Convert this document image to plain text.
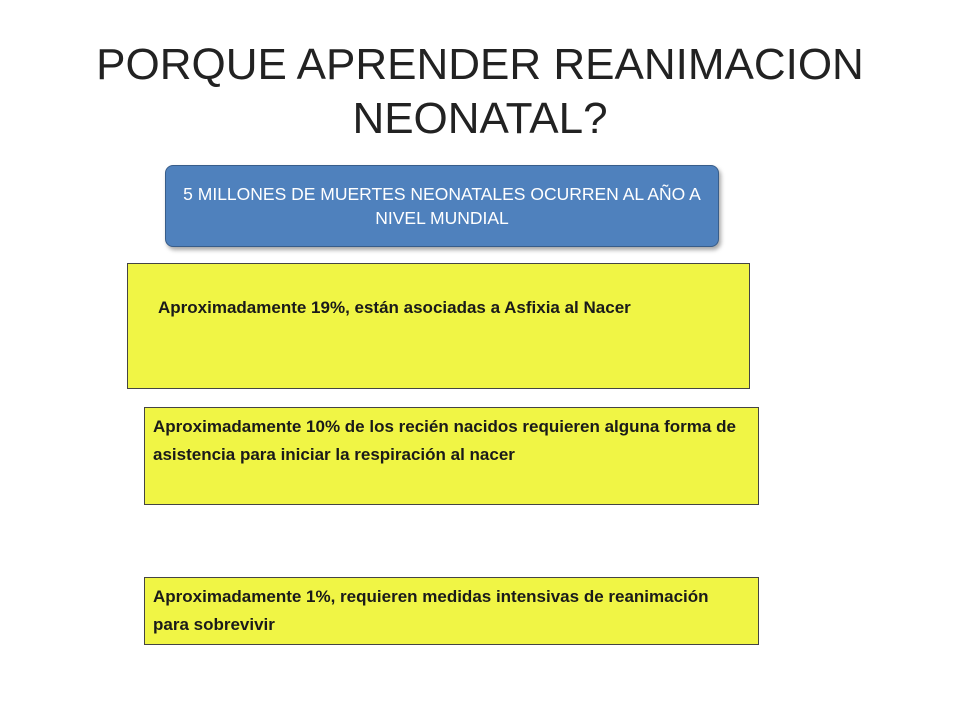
PORQUE APRENDER REANIMACION NEONATAL?
5 MILLONES DE MUERTES NEONATALES OCURREN AL AÑO A NIVEL MUNDIAL
Aproximadamente 19%, están asociadas a Asfixia al Nacer
Aproximadamente 10% de los recién nacidos requieren alguna forma de asistencia para iniciar la respiración al nacer
Aproximadamente 1%, requieren medidas intensivas de reanimación para sobrevivir
